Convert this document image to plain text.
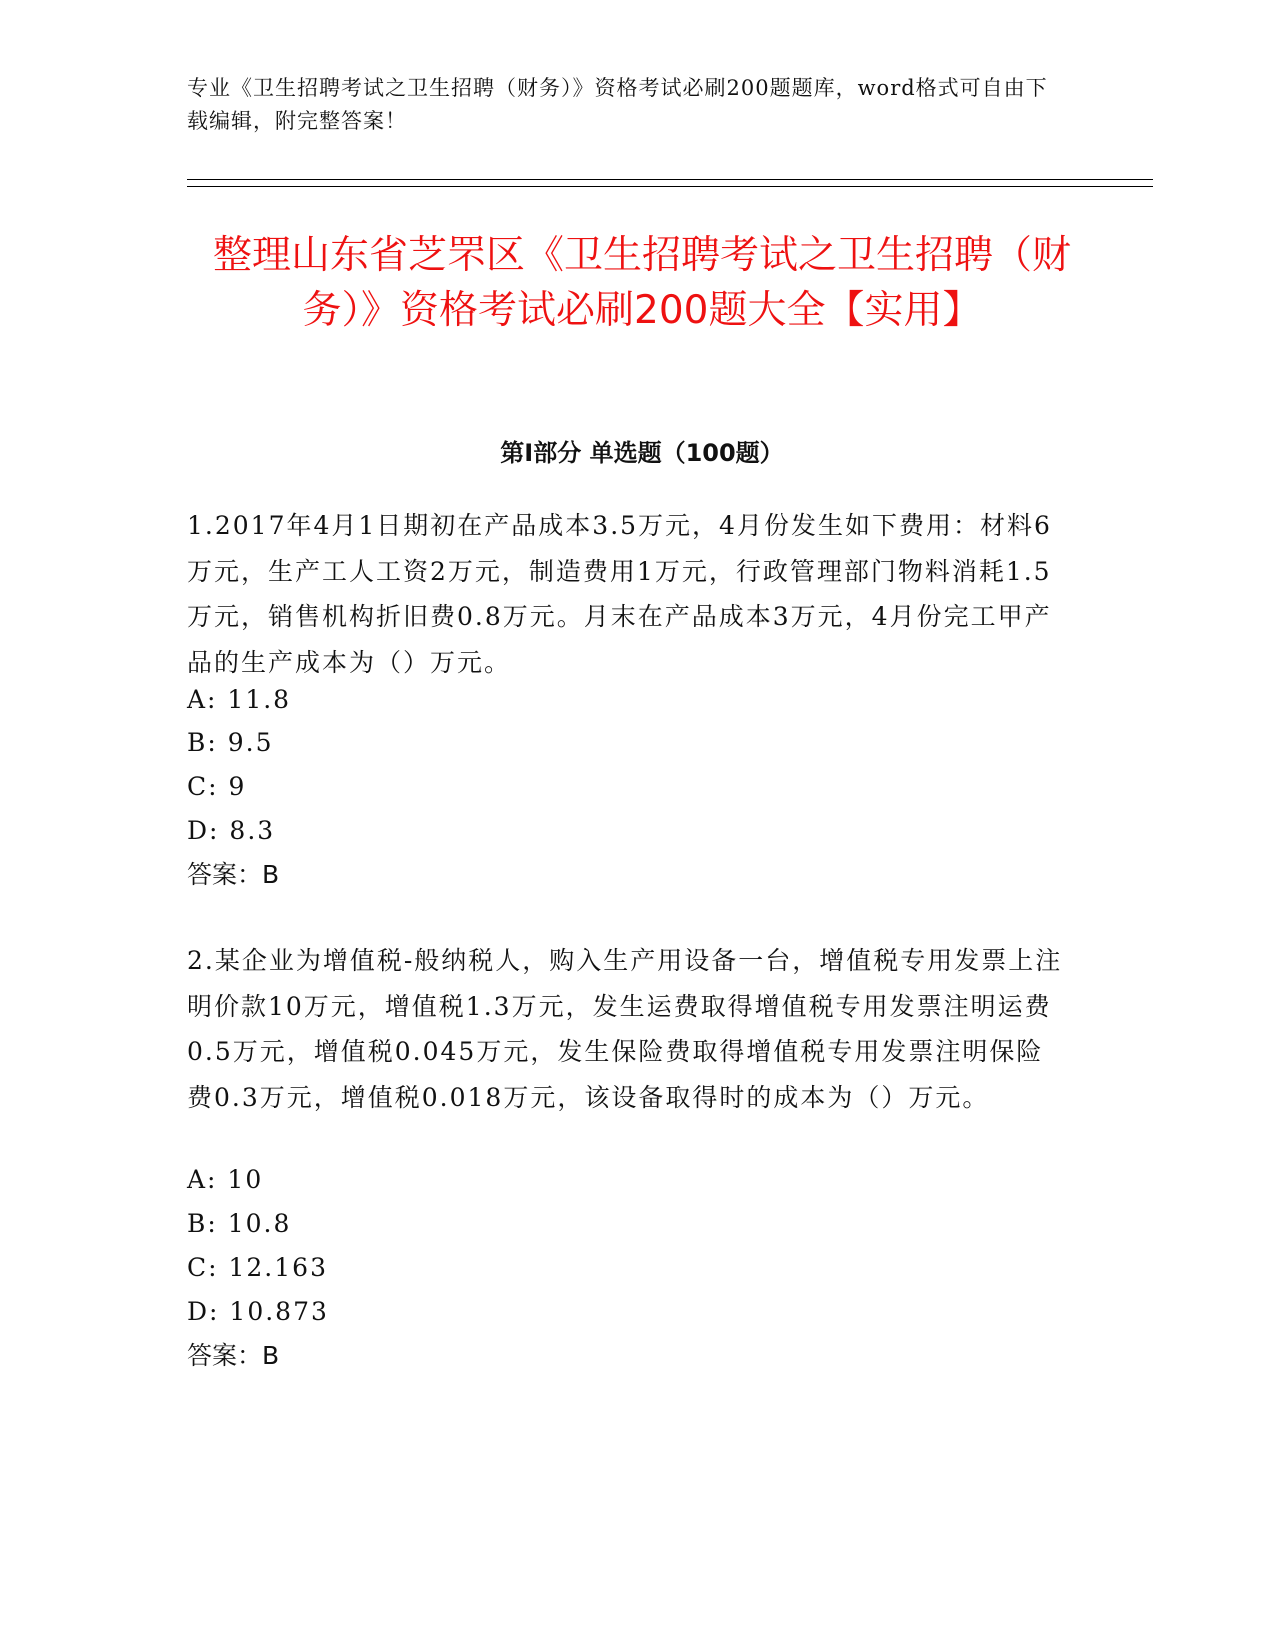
专业《卫生招聘考试之卫生招聘（财务）》资格考试必刷200题题库，word格式可自由下载编辑，附完整答案！

整理山东省芝罘区《卫生招聘考试之卫生招聘（财务）》资格考试必刷200题大全【实用】
第I部分 单选题（100题）

1.2017年4月1日期初在产品成本3.5万元，4月份发生如下费用：材料6万元，生产工人工资2万元，制造费用1万元，行政管理部门物料消耗1.5万元，销售机构折旧费0.8万元。月末在产品成本3万元，4月份完工甲产品的生产成本为（）万元。

A: 11.8

B: 9.5

C: 9

D: 8.3

答案：B

2.某企业为增值税-般纳税人，购入生产用设备一台，增值税专用发票上注明价款10万元，增值税1.3万元，发生运费取得增值税专用发票注明运费0.5万元，增值税0.045万元，发生保险费取得增值税专用发票注明保险费0.3万元，增值税0.018万元，该设备取得时的成本为（）万元。

A: 10

B: 10.8

C: 12.163

D: 10.873

答案：B
